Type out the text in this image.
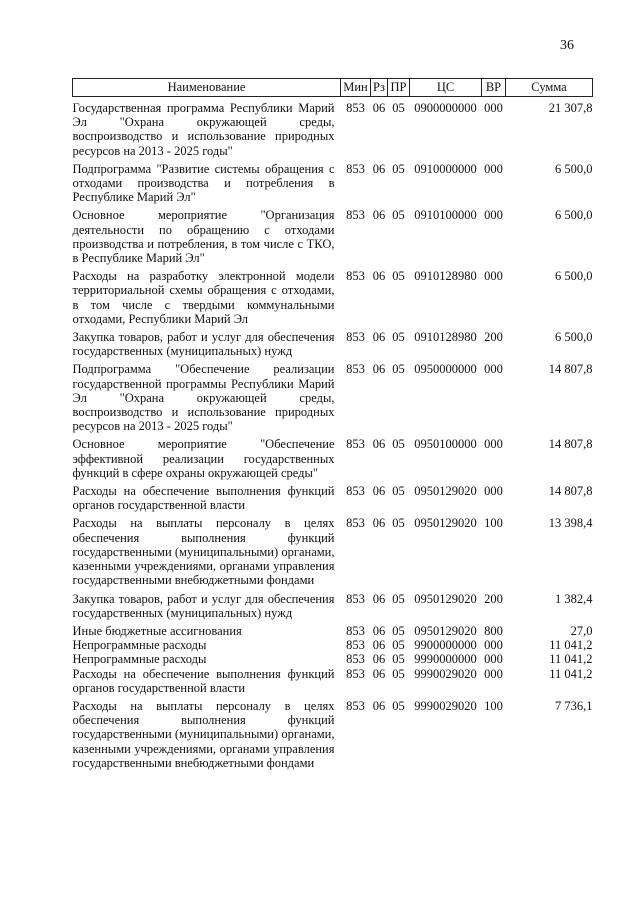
36
Наименование	Мин	Рз	ПР	ЦС	ВР	Сумма
Государственная программа Республики Марий Эл "Охрана окружающей среды, воспроизводство и использование природных ресурсов на 2013 - 2025 годы"	853	06	05	0900000000	000	21 307,8
Подпрограмма "Развитие системы обращения с отходами производства и потребления в Республике Марий Эл"	853	06	05	0910000000	000	6 500,0
Основное мероприятие "Организация деятельности по обращению с отходами производства и потребления, в том числе с ТКО, в Республике Марий Эл"	853	06	05	0910100000	000	6 500,0
Расходы на разработку электронной модели территориальной схемы обращения с отходами, в том числе с твердыми коммунальными отходами, Республики Марий Эл	853	06	05	0910128980	000	6 500,0
Закупка товаров, работ и услуг для обеспечения государственных (муниципальных) нужд	853	06	05	0910128980	200	6 500,0
Подпрограмма "Обеспечение реализации государственной программы Республики Марий Эл "Охрана окружающей среды, воспроизводство и использование природных ресурсов на 2013 - 2025 годы"	853	06	05	0950000000	000	14 807,8
Основное мероприятие "Обеспечение эффективной реализации государственных функций в сфере охраны окружающей среды"	853	06	05	0950100000	000	14 807,8
Расходы на обеспечение выполнения функций органов государственной власти	853	06	05	0950129020	000	14 807,8
Расходы на выплаты персоналу в целях обеспечения выполнения функций государственными (муниципальными) органами, казенными учреждениями, органами управления государственными внебюджетными фондами	853	06	05	0950129020	100	13 398,4
Закупка товаров, работ и услуг для обеспечения государственных (муниципальных) нужд	853	06	05	0950129020	200	1 382,4
Иные бюджетные ассигнования	853	06	05	0950129020	800	27,0
Непрограммные расходы	853	06	05	9900000000	000	11 041,2
Непрограммные расходы	853	06	05	9990000000	000	11 041,2
Расходы на обеспечение выполнения функций органов государственной власти	853	06	05	9990029020	000	11 041,2
Расходы на выплаты персоналу в целях обеспечения выполнения функций государственными (муниципальными) органами, казенными учреждениями, органами управления государственными внебюджетными фондами	853	06	05	9990029020	100	7 736,1
